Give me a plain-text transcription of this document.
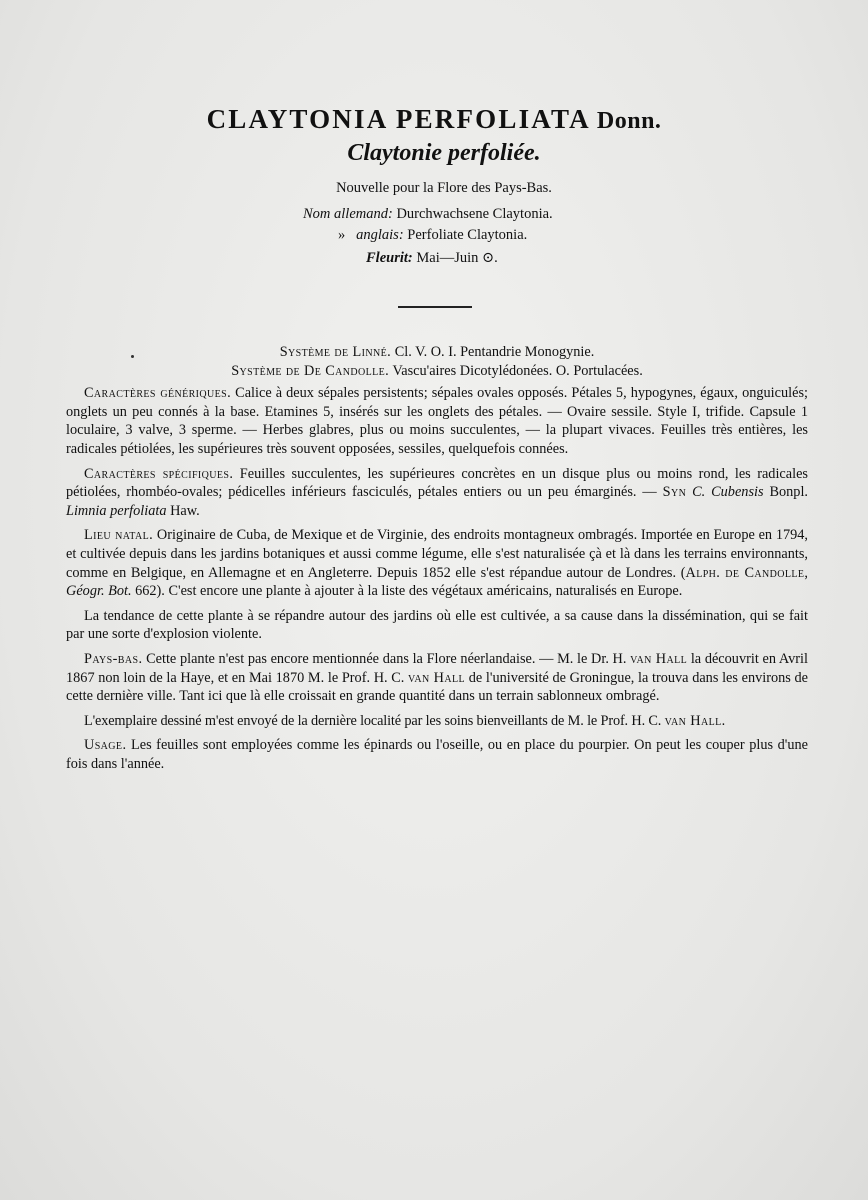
CLAYTONIA PERFOLIATA Donn.
Claytonie perfoliée.
Nouvelle pour la Flore des Pays-Bas.
Nom allemand: Durchwachsene Claytonia.
» anglais: Perfoliate Claytonia.
Fleurit: Mai—Juin ⊙.

Système de Linné. Cl. V. O. I. Pentandrie Monogynie.

Système de De Candolle. Vascu'aires Dicotylédonées. O. Portulacées.

Caractères génériques. Calice à deux sépales persistents; sépales ovales opposés. Pétales 5, hypogynes, égaux, onguiculés; onglets un peu connés à la base. Etamines 5, insérés sur les onglets des pétales. — Ovaire sessile. Style I, trifide. Capsule 1 loculaire, 3 valve, 3 sperme. — Herbes glabres, plus ou moins succulentes, — la plupart vivaces. Feuilles très entières, les radicales pétiolées, les supérieures très souvent opposées, sessiles, quelquefois connées.

Caractères spécifiques. Feuilles succulentes, les supérieures concrètes en un disque plus ou moins rond, les radicales pétiolées, rhombéo-ovales; pédicelles inférieurs fasciculés, pétales entiers ou un peu émarginés. — Syn C. Cubensis Bonpl. Limnia perfoliata Haw.

Lieu natal. Originaire de Cuba, de Mexique et de Virginie, des endroits montagneux ombragés. Importée en Europe en 1794, et cultivée depuis dans les jardins botaniques et aussi comme légume, elle s'est naturalisée çà et là dans les terrains environnants, comme en Belgique, en Allemagne et en Angleterre. Depuis 1852 elle s'est répandue autour de Londres. (Alph. de Candolle, Géogr. Bot. 662). C'est encore une plante à ajouter à la liste des végétaux américains, naturalisés en Europe.

La tendance de cette plante à se répandre autour des jardins où elle est cultivée, a sa cause dans la dissémination, qui se fait par une sorte d'explosion violente.

Pays-bas. Cette plante n'est pas encore mentionnée dans la Flore néerlandaise. — M. le Dr. H. van Hall la découvrit en Avril 1867 non loin de la Haye, et en Mai 1870 M. le Prof. H. C. van Hall de l'université de Groningue, la trouva dans les environs de cette dernière ville. Tant ici que là elle croissait en grande quantité dans un terrain sablonneux ombragé.

L'exemplaire dessiné m'est envoyé de la dernière localité par les soins bienveillants de M. le Prof. H. C. van Hall.

Usage. Les feuilles sont employées comme les épinards ou l'oseille, ou en place du pourpier. On peut les couper plus d'une fois dans l'année.
